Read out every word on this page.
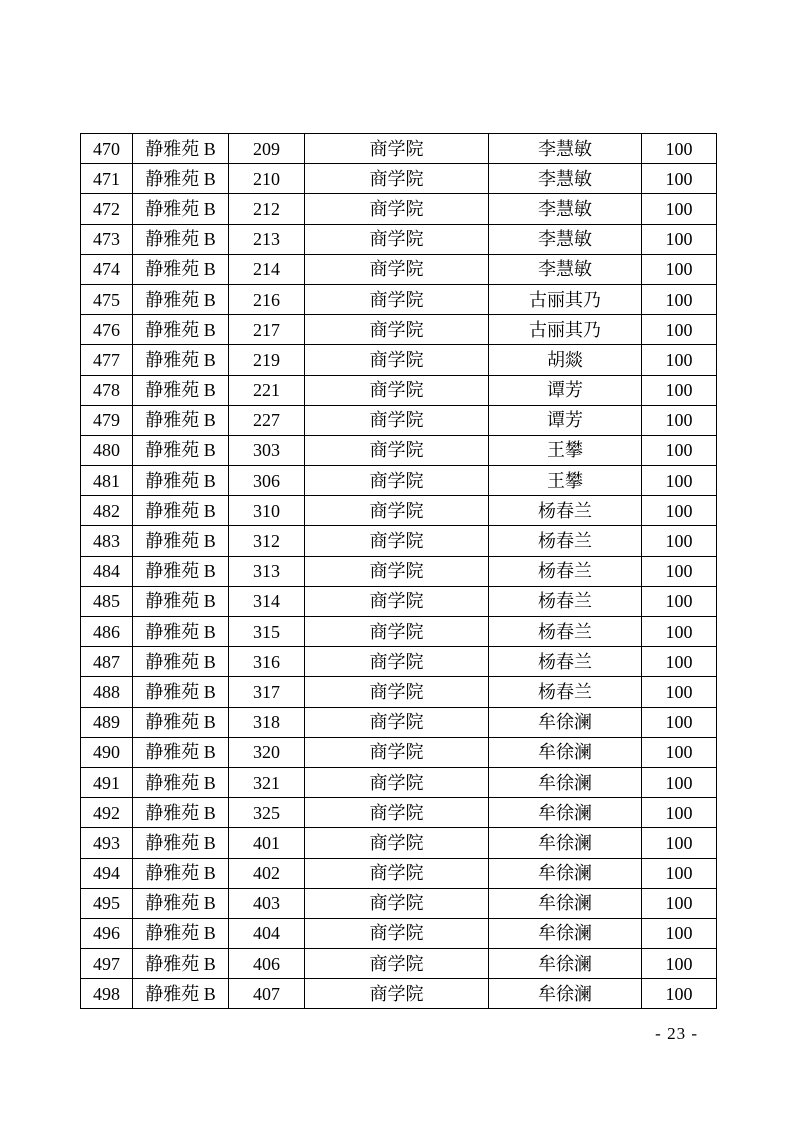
470	静雅苑 B	209	商学院	李慧敏	100
471	静雅苑 B	210	商学院	李慧敏	100
472	静雅苑 B	212	商学院	李慧敏	100
473	静雅苑 B	213	商学院	李慧敏	100
474	静雅苑 B	214	商学院	李慧敏	100
475	静雅苑 B	216	商学院	古丽其乃	100
476	静雅苑 B	217	商学院	古丽其乃	100
477	静雅苑 B	219	商学院	胡燚	100
478	静雅苑 B	221	商学院	谭芳	100
479	静雅苑 B	227	商学院	谭芳	100
480	静雅苑 B	303	商学院	王攀	100
481	静雅苑 B	306	商学院	王攀	100
482	静雅苑 B	310	商学院	杨春兰	100
483	静雅苑 B	312	商学院	杨春兰	100
484	静雅苑 B	313	商学院	杨春兰	100
485	静雅苑 B	314	商学院	杨春兰	100
486	静雅苑 B	315	商学院	杨春兰	100
487	静雅苑 B	316	商学院	杨春兰	100
488	静雅苑 B	317	商学院	杨春兰	100
489	静雅苑 B	318	商学院	牟徐澜	100
490	静雅苑 B	320	商学院	牟徐澜	100
491	静雅苑 B	321	商学院	牟徐澜	100
492	静雅苑 B	325	商学院	牟徐澜	100
493	静雅苑 B	401	商学院	牟徐澜	100
494	静雅苑 B	402	商学院	牟徐澜	100
495	静雅苑 B	403	商学院	牟徐澜	100
496	静雅苑 B	404	商学院	牟徐澜	100
497	静雅苑 B	406	商学院	牟徐澜	100
498	静雅苑 B	407	商学院	牟徐澜	100
- 23 -
